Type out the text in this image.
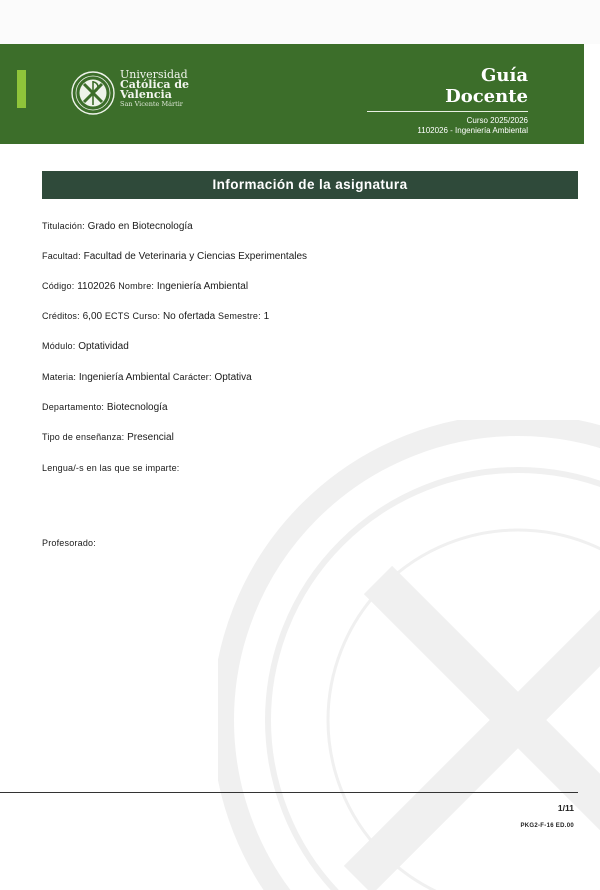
Universidad
Católica de
Valencia
San Vicente Mártir
Guía
Docente
Curso 2025/2026
1102026 - Ingeniería Ambiental
Información de la asignatura
Titulación: Grado en Biotecnología
Facultad: Facultad de Veterinaria y Ciencias Experimentales
Código: 1102026 Nombre: Ingeniería Ambiental
Créditos: 6,00 ECTS Curso: No ofertada Semestre: 1
Módulo: Optatividad
Materia: Ingeniería Ambiental Carácter: Optativa
Departamento: Biotecnología
Tipo de enseñanza: Presencial
Lengua/-s en las que se imparte:
Profesorado:
1/11
PKG2-F-16 ED.00
